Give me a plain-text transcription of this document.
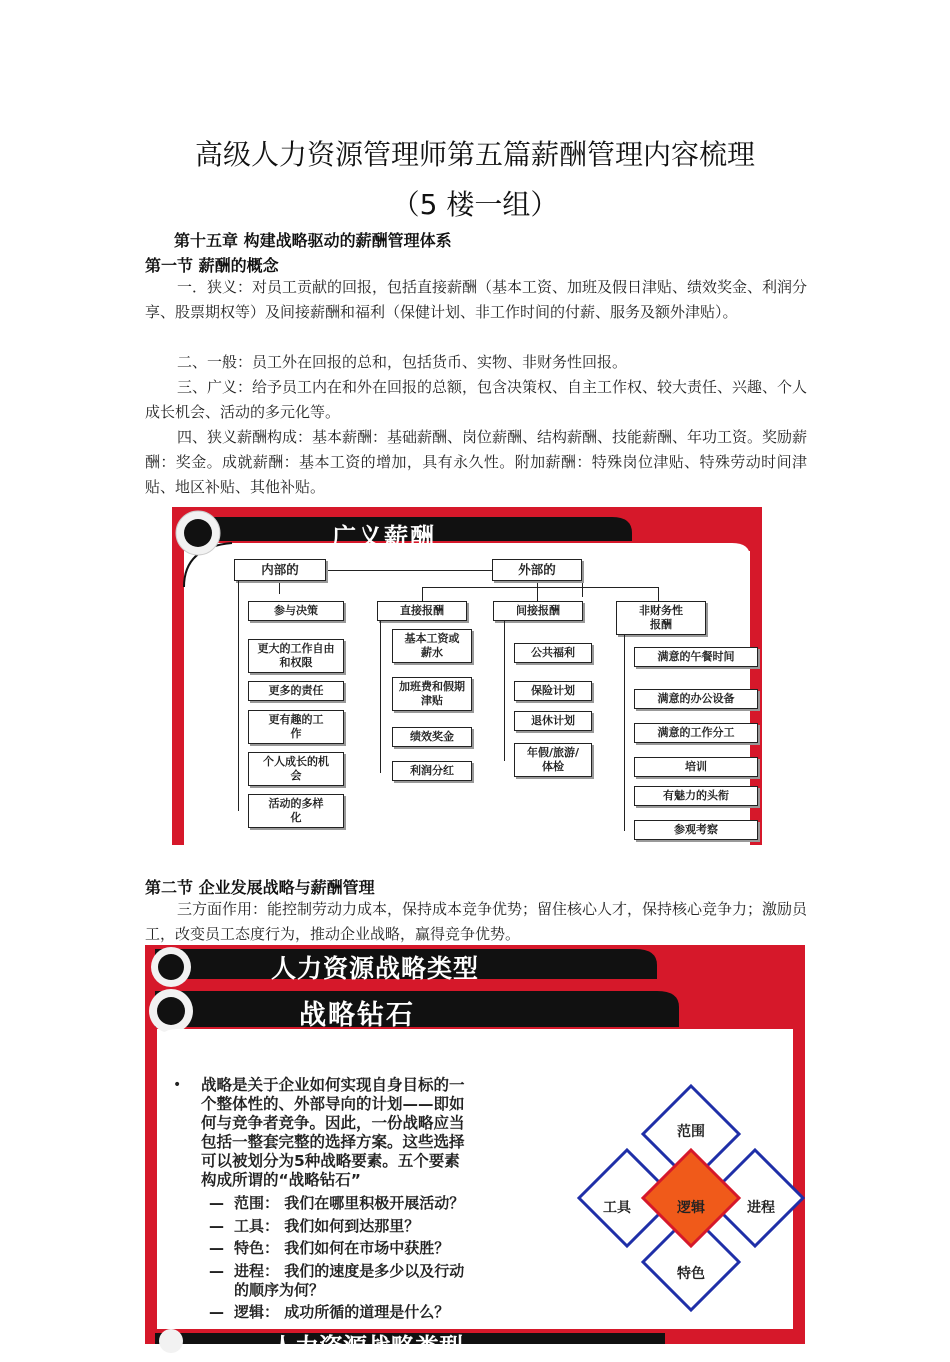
高级人力资源管理师第五篇薪酬管理内容梳理
（5 楼一组）
第十五章 构建战略驱动的薪酬管理体系
第一节 薪酬的概念
一．狭义：对员工贡献的回报，包括直接薪酬（基本工资、加班及假日津贴、绩效奖金、利润分享、股票期权等）及间接薪酬和福利（保健计划、非工作时间的付薪、服务及额外津贴）。
二、一般：员工外在回报的总和，包括货币、实物、非财务性回报。
三、广义：给予员工内在和外在回报的总额，包含决策权、自主工作权、较大责任、兴趣、个人成长机会、活动的多元化等。
四、狭义薪酬构成：基本薪酬：基础薪酬、岗位薪酬、结构薪酬、技能薪酬、年功工资。奖励薪酬：奖金。成就薪酬：基本工资的增加，具有永久性。附加薪酬：特殊岗位津贴、特殊劳动时间津贴、地区补贴、其他补贴。
广义薪酬
内部的
参与决策
更大的工作自由和权限
更多的责任
更有趣的工作
个人成长的机会
活动的多样化
外部的
直接报酬
基本工资或薪水
加班费和假期津贴
绩效奖金
利润分红
间接报酬
公共福利
保险计划
退休计划
年假/旅游/体检
非财务性报酬
满意的午餐时间
满意的办公设备
满意的工作分工
培训
有魅力的头衔
参观考察
第二节 企业发展战略与薪酬管理
三方面作用：能控制劳动力成本，保持成本竞争优势；留住核心人才，保持核心竞争力；激励员工，改变员工态度行为，推动企业战略，赢得竞争优势。
人力资源战略类型
战略钻石
• 战略是关于企业如何实现自身目标的一
个整体性的、外部导向的计划——即如
何与竞争者竞争。因此，一份战略应当
包括一整套完整的选择方案。这些选择
可以被划分为5种战略要素。五个要素
构成所谓的“战略钻石”
— 范围： 我们在哪里积极开展活动？
— 工具： 我们如何到达那里？
— 特色： 我们如何在市场中获胜？
— 进程： 我们的速度是多少以及行动
的顺序为何？
— 逻辑： 成功所循的道理是什么？
范围
工具	逻辑	进程
特色
人力资源战略类型
